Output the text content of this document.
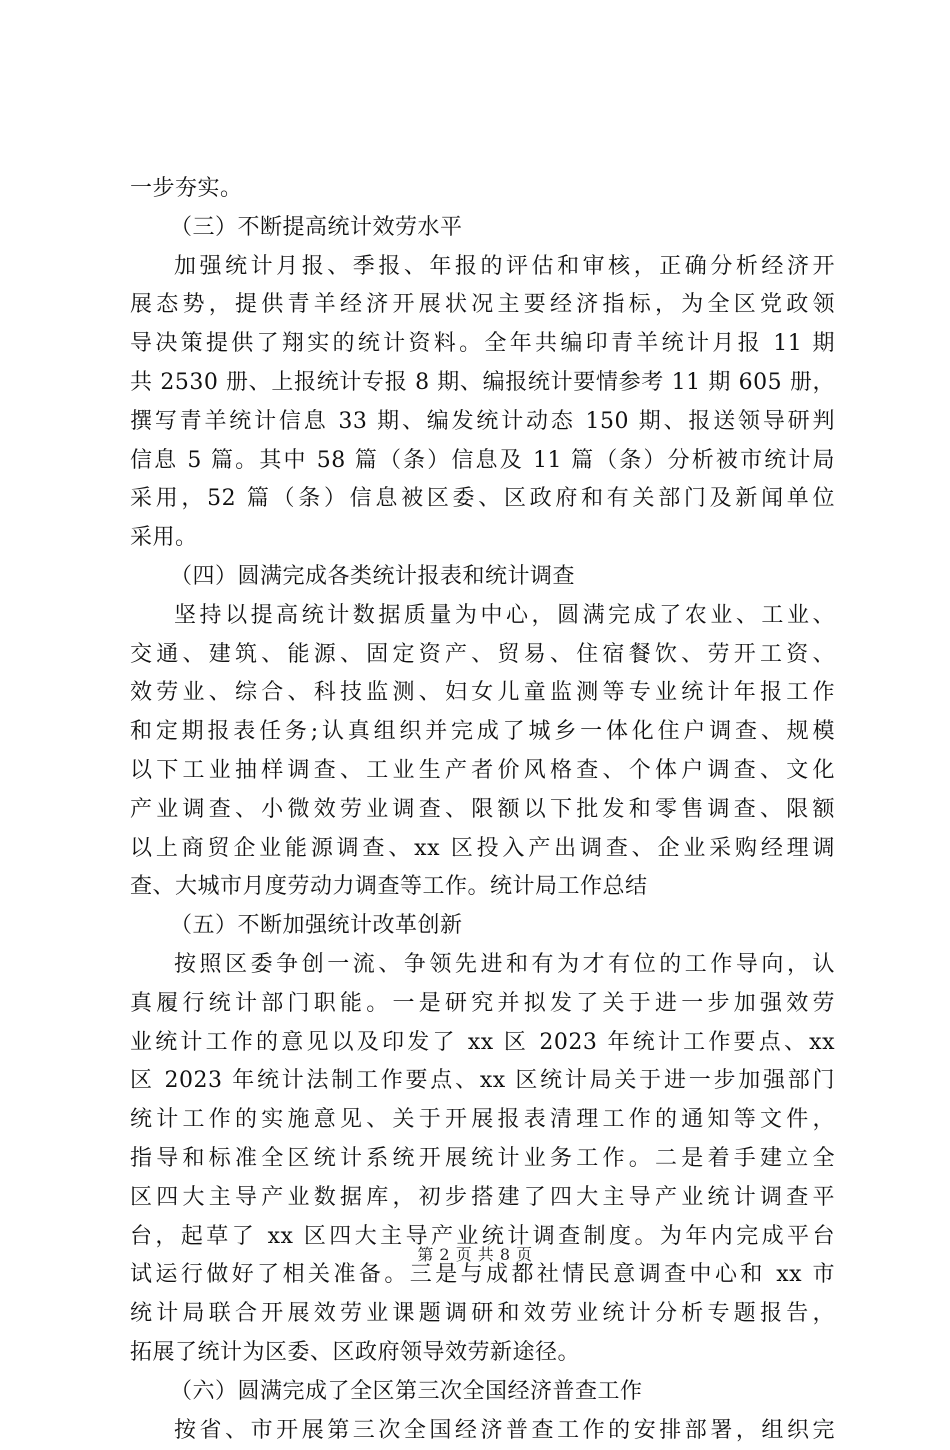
一步夯实。
（三）不断提高统计效劳水平
加强统计月报、季报、年报的评估和审核，正确分析经济开
展态势，提供青羊经济开展状况主要经济指标，为全区党政领
导决策提供了翔实的统计资料。全年共编印青羊统计月报 11 期
共 2530 册、上报统计专报 8 期、编报统计要情参考 11 期 605 册，
撰写青羊统计信息 33 期、编发统计动态 150 期、报送领导研判
信息 5 篇。其中 58 篇（条）信息及 11 篇（条）分析被市统计局
采用，52 篇（条）信息被区委、区政府和有关部门及新闻单位
采用。
（四）圆满完成各类统计报表和统计调查
坚持以提高统计数据质量为中心，圆满完成了农业、工业、
交通、建筑、能源、固定资产、贸易、住宿餐饮、劳开工资、
效劳业、综合、科技监测、妇女儿童监测等专业统计年报工作
和定期报表任务;认真组织并完成了城乡一体化住户调查、规模
以下工业抽样调查、工业生产者价风格查、个体户调查、文化
产业调查、小微效劳业调查、限额以下批发和零售调查、限额
以上商贸企业能源调查、xx 区投入产出调查、企业采购经理调
查、大城市月度劳动力调查等工作。统计局工作总结
（五）不断加强统计改革创新
按照区委争创一流、争领先进和有为才有位的工作导向，认
真履行统计部门职能。一是研究并拟发了关于进一步加强效劳
业统计工作的意见以及印发了 xx 区 2023 年统计工作要点、xx
区 2023 年统计法制工作要点、xx 区统计局关于进一步加强部门
统计工作的实施意见、关于开展报表清理工作的通知等文件，
指导和标准全区统计系统开展统计业务工作。二是着手建立全
区四大主导产业数据库，初步搭建了四大主导产业统计调查平
台，起草了 xx 区四大主导产业统计调查制度。为年内完成平台
试运行做好了相关准备。三是与成都社情民意调查中心和 xx 市
统计局联合开展效劳业课题调研和效劳业统计分析专题报告，
拓展了统计为区委、区政府领导效劳新途径。
（六）圆满完成了全区第三次全国经济普查工作
按省、市开展第三次全国经济普查工作的安排部署，组织完
第 2 页 共 8 页
